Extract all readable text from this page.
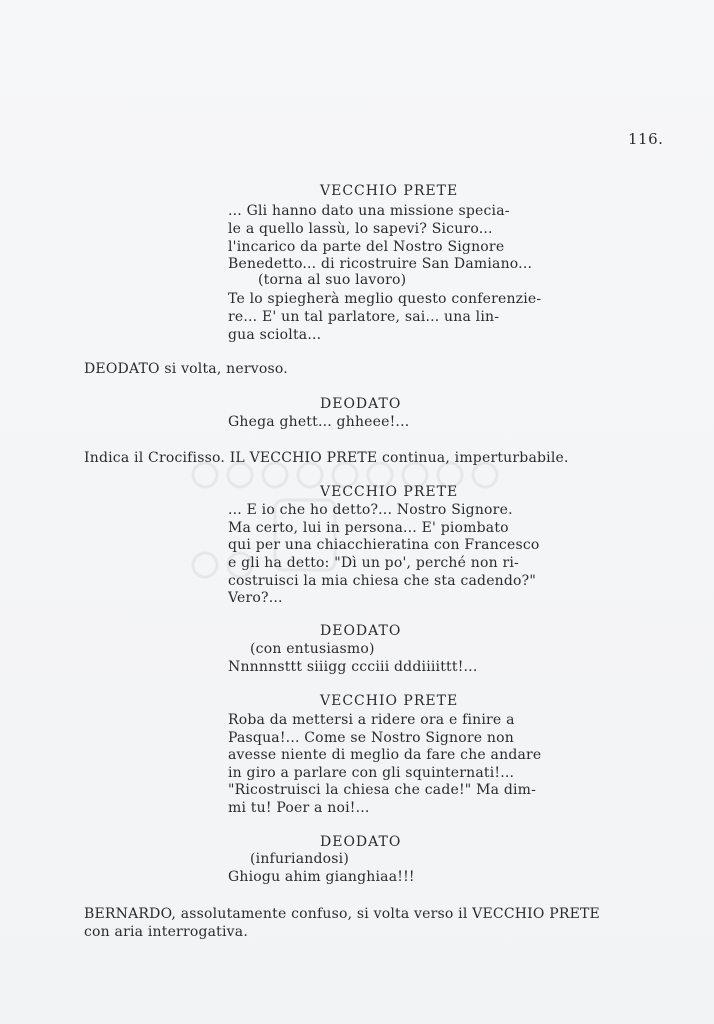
116.
VECCHIO PRETE
... Gli hanno dato una missione specia-
le a quello lassù, lo sapevi? Sicuro...
l'incarico da parte del Nostro Signore
Benedetto... di ricostruire San Damiano...
(torna al suo lavoro)
Te lo spiegherà meglio questo conferenzie-
re... E' un tal parlatore, sai... una lin-
gua sciolta...
DEODATO si volta, nervoso.
DEODATO
Ghega ghett... ghheee!...
Indica il Crocifisso. IL VECCHIO PRETE continua, imperturbabile.
VECCHIO PRETE
... E io che ho detto?... Nostro Signore.
Ma certo, lui in persona... E' piombato
qui per una chiacchieratina con Francesco
e gli ha detto: "Dì un po', perché non ri-
costruisci la mia chiesa che sta cadendo?"
Vero?...
DEODATO
(con entusiasmo)
Nnnnnsttt siiigg ccciii dddiiiittt!...
VECCHIO PRETE
Roba da mettersi a ridere ora e finire a
Pasqua!... Come se Nostro Signore non
avesse niente di meglio da fare che andare
in giro a parlare con gli squinternati!...
"Ricostruisci la chiesa che cade!" Ma dim-
mi tu! Poer a noi!...
DEODATO
(infuriandosi)
Ghiogu ahim gianghiaa!!!
BERNARDO, assolutamente confuso, si volta verso il VECCHIO PRETE
con aria interrogativa.
